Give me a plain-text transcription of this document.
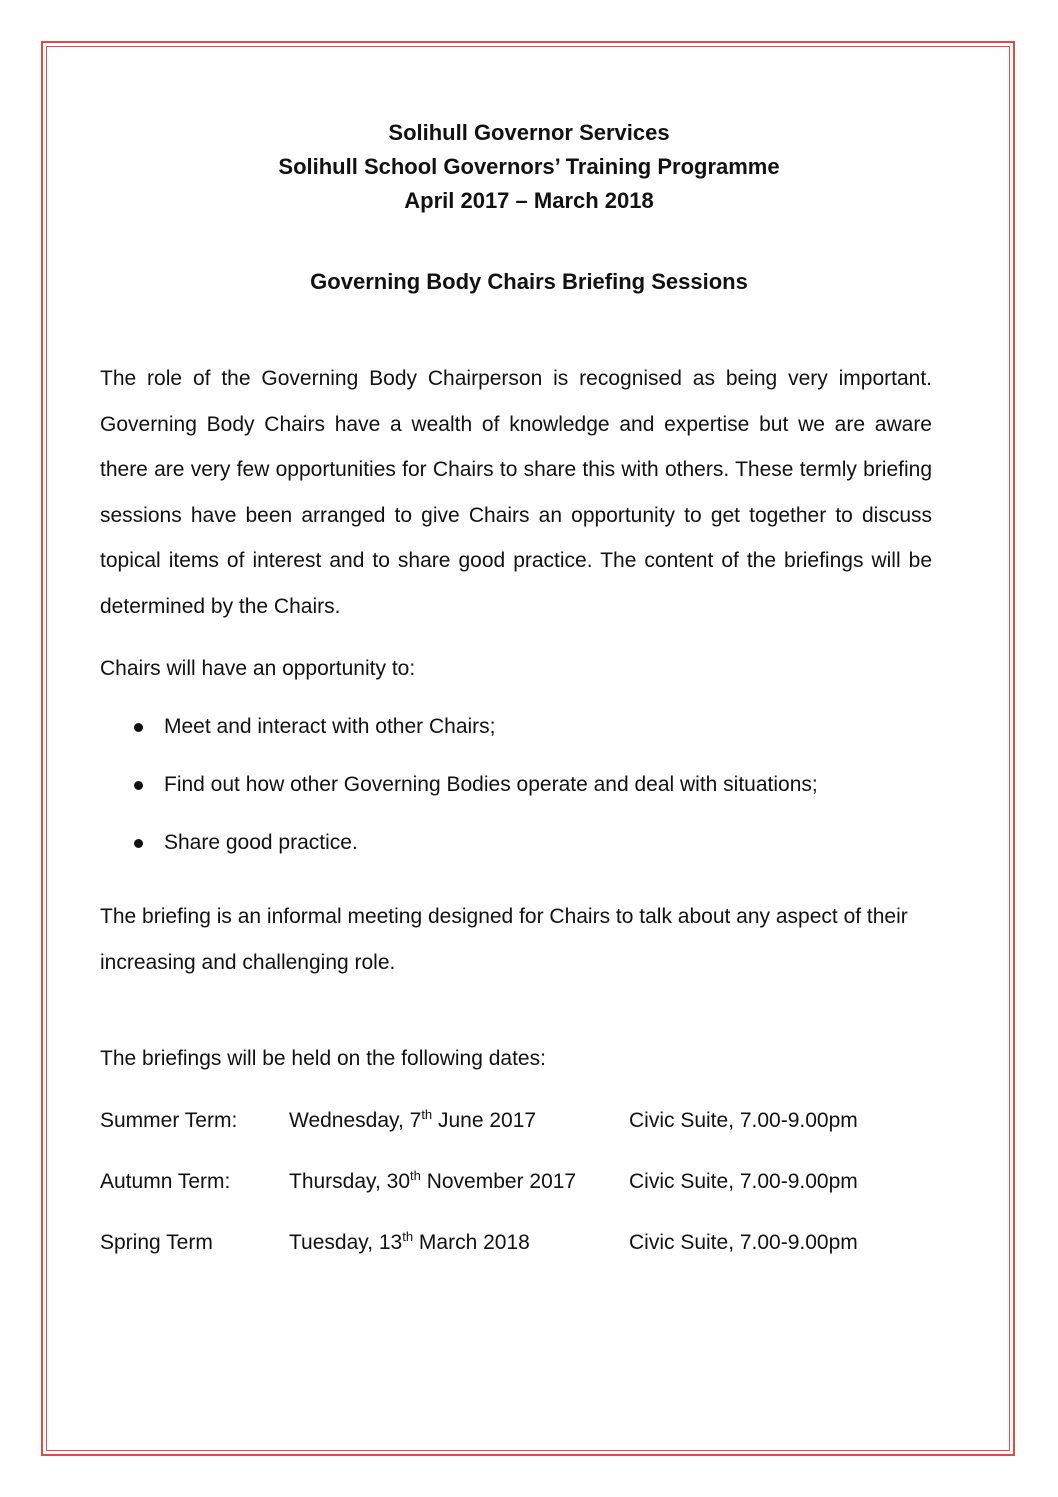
Solihull Governor Services
Solihull School Governors’ Training Programme
April 2017 – March 2018
Governing Body Chairs Briefing Sessions
The role of the Governing Body Chairperson is recognised as being very important. Governing Body Chairs have a wealth of knowledge and expertise but we are aware there are very few opportunities for Chairs to share this with others. These termly briefing sessions have been arranged to give Chairs an opportunity to get together to discuss topical items of interest and to share good practice. The content of the briefings will be determined by the Chairs.
Chairs will have an opportunity to:
Meet and interact with other Chairs;
Find out how other Governing Bodies operate and deal with situations;
Share good practice.
The briefing is an informal meeting designed for Chairs to talk about any aspect of their increasing and challenging role.
The briefings will be held on the following dates:
Summer Term: Wednesday, 7th June 2017	Civic Suite, 7.00-9.00pm
Autumn Term:	Thursday, 30th November 2017	Civic Suite, 7.00-9.00pm
Spring Term	Tuesday, 13th March 2018	Civic Suite, 7.00-9.00pm
